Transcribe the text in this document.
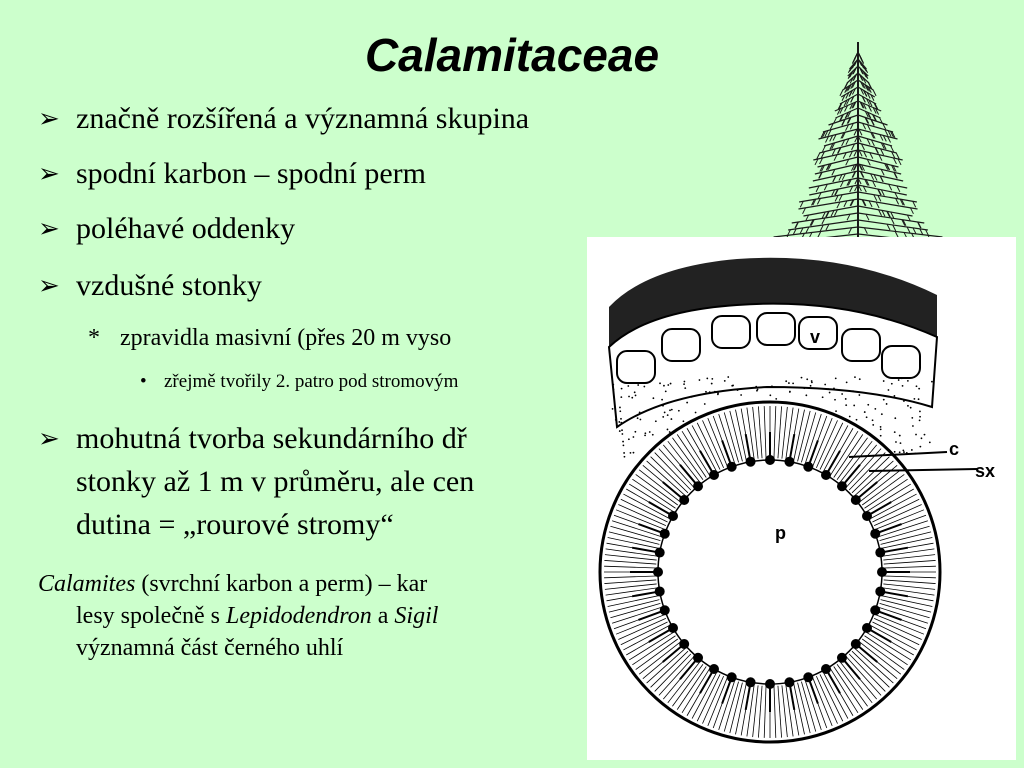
Calamitaceae
➢ značně rozšířená a významná skupina
➢ spodní karbon – spodní perm
➢ poléhavé oddenky
➢ vzdušné stonky
* zpravidla masivní (přes 20 m vyso
• zřejmě tvořily 2. patro pod stromovým
➢ mohutná tvorba sekundárního dř
stonky až 1 m v průměru, ale cen
dutina = „rourové stromy“
Calamites (svrchní karbon a perm) – kar
lesy společně s Lepidodendron a Sigil
významná část černého uhlí
v
c
sx
p
